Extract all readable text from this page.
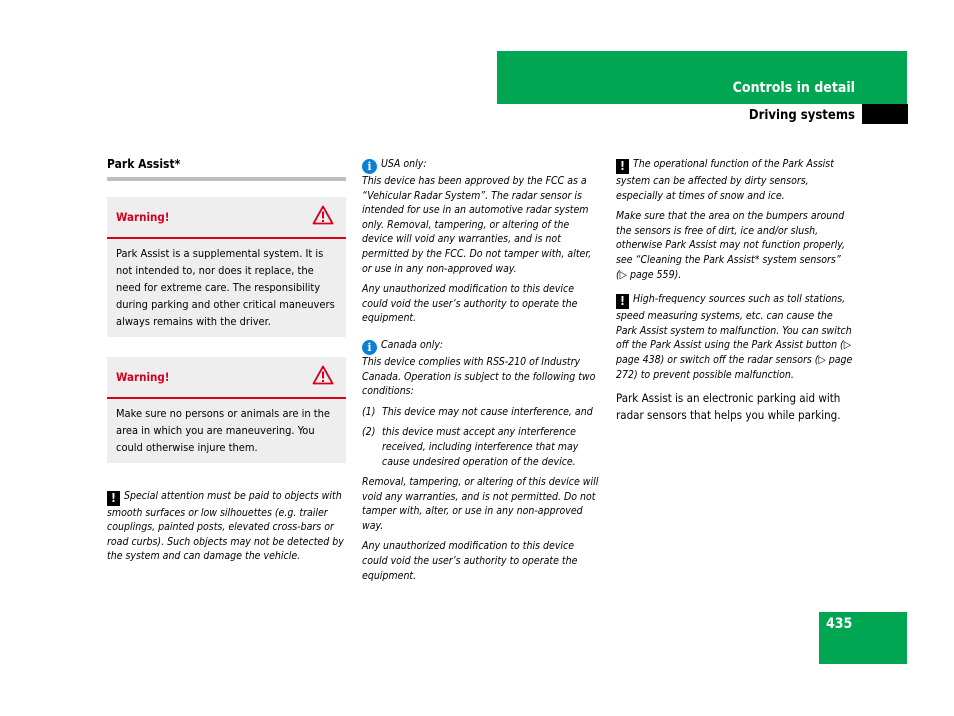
Controls in detail
Driving systems
Park Assist*
Warning!
Park Assist is a supplemental system. It is not intended to, nor does it replace, the need for extreme care. The responsibility during parking and other critical maneuvers always remains with the driver.
Warning!
Make sure no persons or animals are in the area in which you are maneuvering. You could otherwise injure them.
! Special attention must be paid to objects with smooth surfaces or low silhouettes (e.g. trailer couplings, painted posts, elevated cross-bars or road curbs). Such objects may not be detected by the system and can damage the vehicle.
i USA only:

This device has been approved by the FCC as a “Vehicular Radar System”. The radar sensor is intended for use in an automotive radar system only. Removal, tampering, or altering of the device will void any warranties, and is not permitted by the FCC. Do not tamper with, alter, or use in any non-approved way.

Any unauthorized modification to this device could void the user’s authority to operate the equipment.

i Canada only:

This device complies with RSS-210 of Industry Canada. Operation is subject to the following two conditions:

(1) This device may not cause interference, and
(2) this device must accept any interference received, including interference that may cause undesired operation of the device.

Removal, tampering, or altering of this device will void any warranties, and is not permitted. Do not tamper with, alter, or use in any non-approved way.

Any unauthorized modification to this device could void the user’s authority to operate the equipment.

! The operational function of the Park Assist system can be affected by dirty sensors, especially at times of snow and ice.

Make sure that the area on the bumpers around the sensors is free of dirt, ice and/or slush, otherwise Park Assist may not function properly, see “Cleaning the Park Assist* system sensors” (▷ page 559).

! High-frequency sources such as toll stations, speed measuring systems, etc. can cause the Park Assist system to malfunction. You can switch off the Park Assist using the Park Assist button (▷ page 438) or switch off the radar sensors (▷ page 272) to prevent possible malfunction.

Park Assist is an electronic parking aid with radar sensors that helps you while parking.

435
